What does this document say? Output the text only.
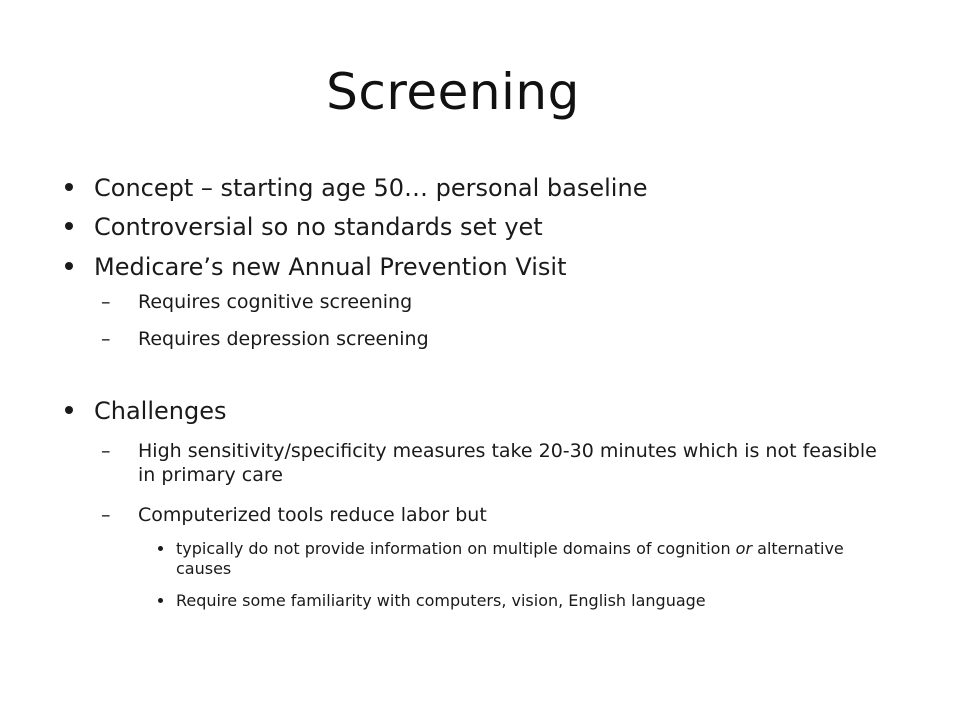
Screening
Concept – starting age 50… personal baseline
Controversial so no standards set yet
Medicare’s new Annual Prevention Visit
– Requires cognitive screening
– Requires depression screening
Challenges
– High sensitivity/specificity measures take 20-30 minutes which is not feasible in primary care
– Computerized tools reduce labor but
typically do not provide information on multiple domains of cognition or alternative causes
Require some familiarity with computers, vision, English language
